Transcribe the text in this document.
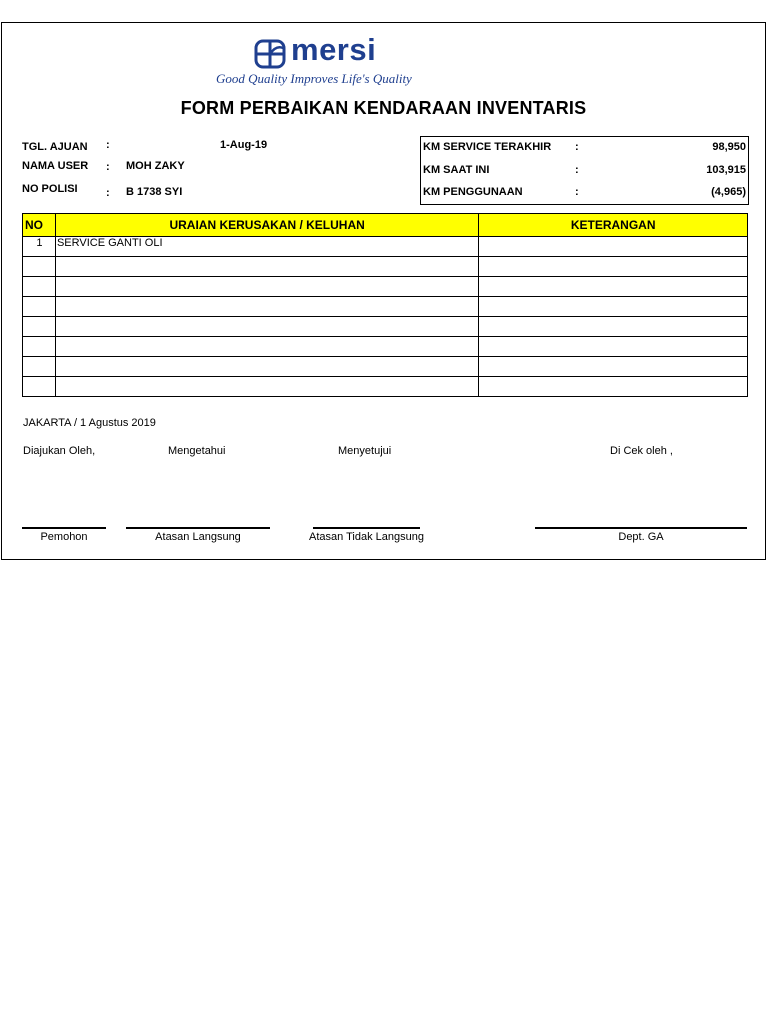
mersi
Good Quality Improves Life's Quality
FORM PERBAIKAN KENDARAAN INVENTARIS
TGL. AJUAN :	1-Aug-19
NAMA USER : MOH ZAKY
NO POLISI	: B 1738 SYI
KM SERVICE TERAKHIR :	98,950
KM SAAT INI	:	103,915
KM PENGGUNAAN	:	(4,965)
NO	URAIAN KERUSAKAN / KELUHAN	KETERANGAN
1	SERVICE GANTI OLI	

JAKARTA / 1 Agustus 2019
Diajukan Oleh,	Mengetahui	Menyetujui	Di Cek oleh ,
Pemohon	Atasan Langsung	Atasan Tidak Langsung	Dept. GA
